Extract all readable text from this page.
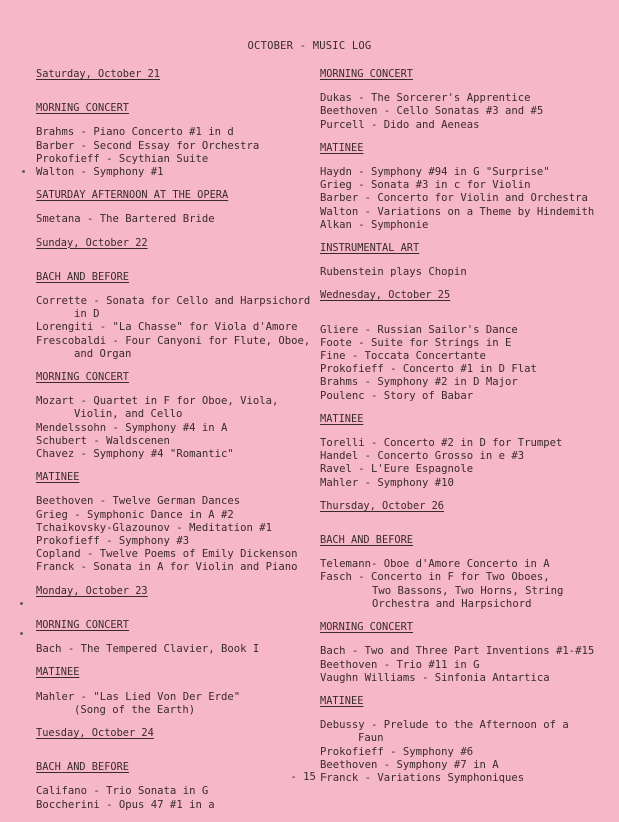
OCTOBER - MUSIC LOG
Saturday, October 21
MORNING CONCERT
Brahms - Piano Concerto #1 in d
Barber - Second Essay for Orchestra
Prokofieff - Scythian Suite
Walton - Symphony #1
SATURDAY AFTERNOON AT THE OPERA
Smetana - The Bartered Bride
Sunday, October 22
BACH AND BEFORE
Corrette - Sonata for Cello and Harpsichord
in D
Lorengiti - "La Chasse" for Viola d'Amore
Frescobaldi - Four Canyoni for Flute, Oboe,
and Organ
MORNING CONCERT
Mozart - Quartet in F for Oboe, Viola,
Violin, and Cello
Mendelssohn - Symphony #4 in A
Schubert - Waldscenen
Chavez - Symphony #4 "Romantic"
MATINEE
Beethoven - Twelve German Dances
Grieg - Symphonic Dance in A #2
Tchaikovsky-Glazounov - Meditation #1
Prokofieff - Symphony #3
Copland - Twelve Poems of Emily Dickenson
Franck - Sonata in A for Violin and Piano
Monday, October 23
MORNING CONCERT
Bach - The Tempered Clavier, Book I
MATINEE
Mahler - "Las Lied Von Der Erde"
(Song of the Earth)
Tuesday, October 24
BACH AND BEFORE
Califano - Trio Sonata in G
Boccherini - Opus 47 #1 in a
MORNING CONCERT
Dukas - The Sorcerer's Apprentice
Beethoven - Cello Sonatas #3 and #5
Purcell - Dido and Aeneas
MATINEE
Haydn - Symphony #94 in G "Surprise"
Grieg - Sonata #3 in c for Violin
Barber - Concerto for Violin and Orchestra
Walton - Variations on a Theme by Hindemith
Alkan - Symphonie
INSTRUMENTAL ART
Rubenstein plays Chopin
Wednesday, October 25
Gliere - Russian Sailor's Dance
Foote - Suite for Strings in E
Fine - Toccata Concertante
Prokofieff - Concerto #1 in D Flat
Brahms - Symphony #2 in D Major
Poulenc - Story of Babar
MATINEE
Torelli - Concerto #2 in D for Trumpet
Handel - Concerto Grosso in e #3
Ravel - L'Eure Espagnole
Mahler - Symphony #10
Thursday, October 26
BACH AND BEFORE
Telemann- Oboe d'Amore Concerto in A
Fasch - Concerto in F for Two Oboes,
Two Bassons, Two Horns, String
Orchestra and Harpsichord
MORNING CONCERT
Bach - Two and Three Part Inventions #1-#15
Beethoven - Trio #11 in G
Vaughn Williams - Sinfonia Antartica
MATINEE
Debussy - Prelude to the Afternoon of a
Faun
Prokofieff - Symphony #6
Beethoven - Symphony #7 in A
Franck - Variations Symphoniques
- 15 -
